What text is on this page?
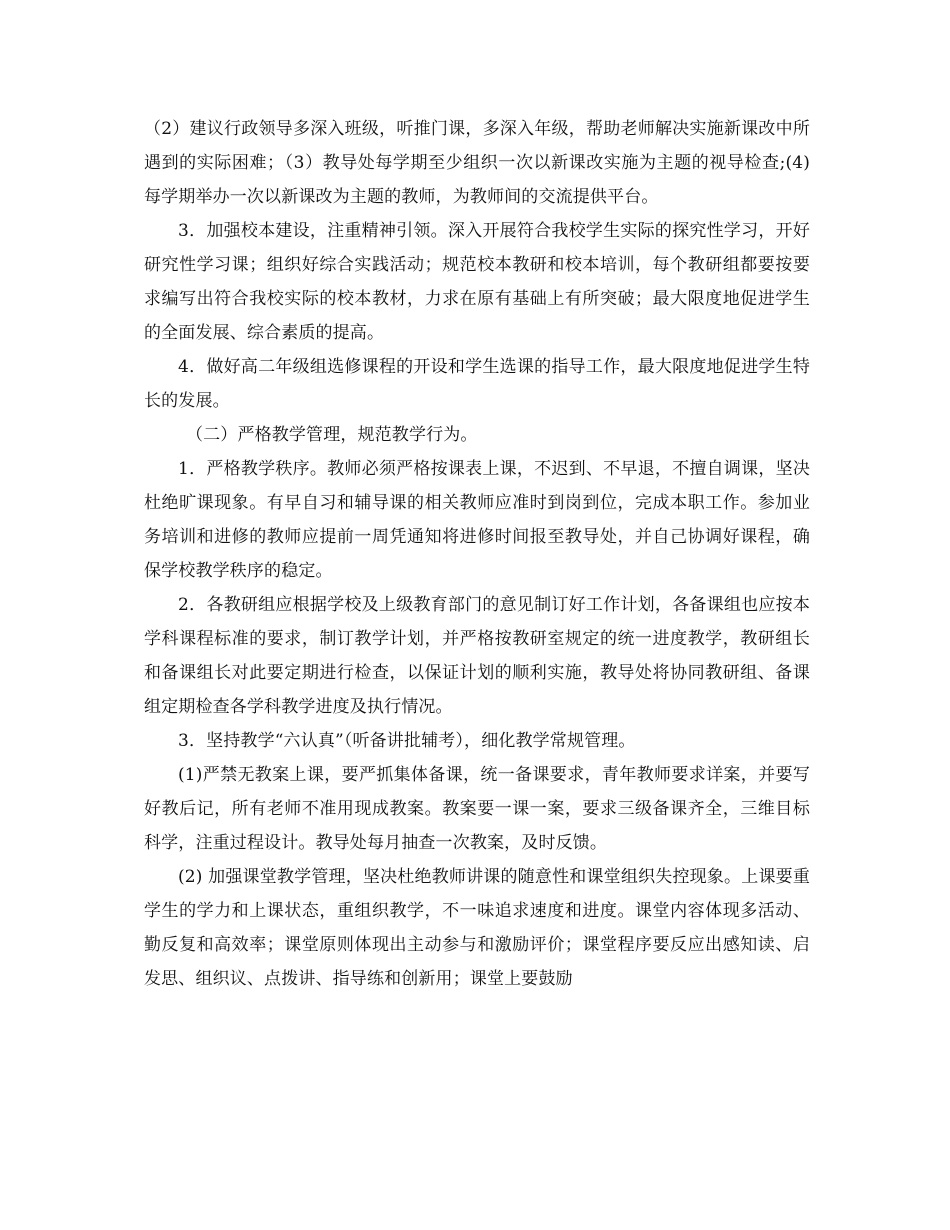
（2）建议行政领导多深入班级，听推门课，多深入年级，帮助老师解决实施新课改中所遇到的实际困难；（3）教导处每学期至少组织一次以新课改实施为主题的视导检查;(4)每学期举办一次以新课改为主题的教师，为教师间的交流提供平台。

3．加强校本建设，注重精神引领。深入开展符合我校学生实际的探究性学习，开好研究性学习课；组织好综合实践活动；规范校本教研和校本培训，每个教研组都要按要求编写出符合我校实际的校本教材，力求在原有基础上有所突破；最大限度地促进学生的全面发展、综合素质的提高。

4．做好高二年级组选修课程的开设和学生选课的指导工作，最大限度地促进学生特长的发展。

（二）严格教学管理，规范教学行为。

1．严格教学秩序。教师必须严格按课表上课，不迟到、不早退，不擅自调课，坚决杜绝旷课现象。有早自习和辅导课的相关教师应准时到岗到位，完成本职工作。参加业务培训和进修的教师应提前一周凭通知将进修时间报至教导处，并自己协调好课程，确保学校教学秩序的稳定。

2．各教研组应根据学校及上级教育部门的意见制订好工作计划，各备课组也应按本学科课程标准的要求，制订教学计划，并严格按教研室规定的统一进度教学，教研组长和备课组长对此要定期进行检查，以保证计划的顺利实施，教导处将协同教研组、备课组定期检查各学科教学进度及执行情况。

3．坚持教学“六认真”（听备讲批辅考），细化教学常规管理。

(1)严禁无教案上课，要严抓集体备课，统一备课要求，青年教师要求详案，并要写好教后记，所有老师不准用现成教案。教案要一课一案，要求三级备课齐全，三维目标科学，注重过程设计。教导处每月抽查一次教案，及时反馈。

(2) 加强课堂教学管理，坚决杜绝教师讲课的随意性和课堂组织失控现象。上课要重学生的学力和上课状态，重组织教学，不一味追求速度和进度。课堂内容体现多活动、勤反复和高效率；课堂原则体现出主动参与和激励评价；课堂程序要反应出感知读、启发思、组织议、点拨讲、指导练和创新用；课堂上要鼓励
